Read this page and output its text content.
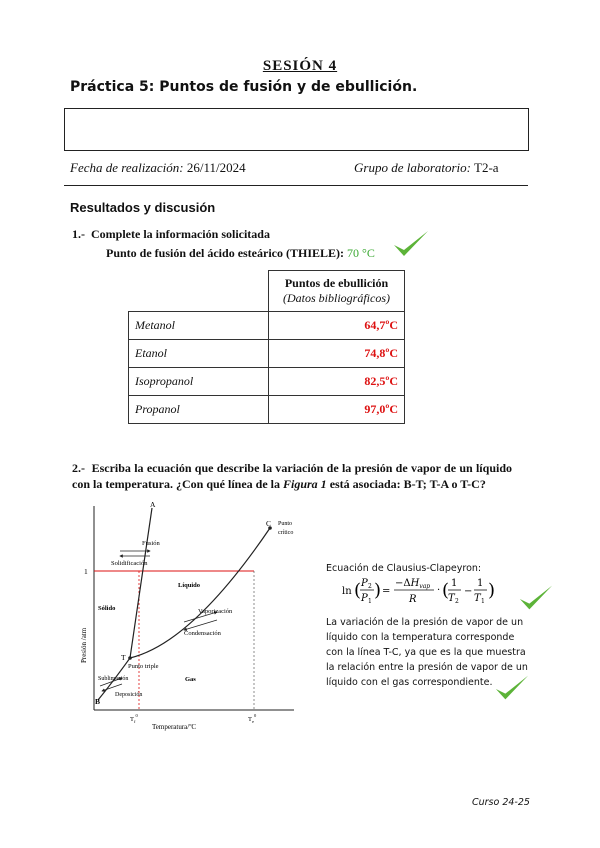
SESIÓN 4
Práctica 5: Puntos de fusión y de ebullición.
Fecha de realización: 26/11/2024	Grupo de laboratorio: T2-a
Resultados y discusión
1.- Complete la información solicitada
Punto de fusión del ácido esteárico (THIELE): 70 °C
	Puntos de ebullición
(Datos bibliográficos)
Metanol	64,7ºC
Etanol	74,8ºC
Isopropanol	82,5ºC
Propanol	97,0ºC
2.- Escriba la ecuación que describe la variación de la presión de vapor de un líquido con la temperatura. ¿Con qué línea de la Figura 1 está asociada: B-T; T-A o T-C?
A
C Punto
crítico
Fusión
Solidificación
Líquido
Sólido	Vaporización
Condensación
T
Punto triple
Gas
Sublimación
Deposición
B
1
Presión /atm
Temperatura/ºC
$T_f^0$
$T_e^0$
Ecuación de Clausius-Clapeyron:
ln ( P 2
P 1
) =
$-\Delta H_{vap}$
R
· ( 1
T 2
−
1
T 1
)
La variación de la presión de vapor de un líquido con la temperatura corresponde con la línea T-C, ya que es la que muestra la relación entre la presión de vapor de un líquido con el gas correspondiente.
Curso 24-25
